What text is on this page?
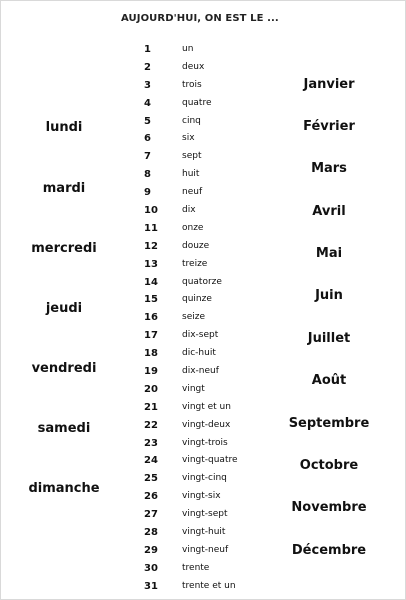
AUJOURD'HUI, ON EST LE ...
lundi
mardi
mercredi
jeudi
vendredi
samedi
dimanche
1	un
2	deux
3	trois
4	quatre
5	cinq
6	six
7	sept
8	huit
9	neuf
10	dix
11	onze
12	douze
13	treize
14	quatorze
15	quinze
16	seize
17	dix-sept
18	dic-huit
19	dix-neuf
20	vingt
21	vingt et un
22	vingt-deux
23	vingt-trois
24	vingt-quatre
25	vingt-cinq
26	vingt-six
27	vingt-sept
28	vingt-huit
29	vingt-neuf
30	trente
31	trente et un
Janvier
Février
Mars
Avril
Mai
Juin
Juillet
Août
Septembre
Octobre
Novembre
Décembre
